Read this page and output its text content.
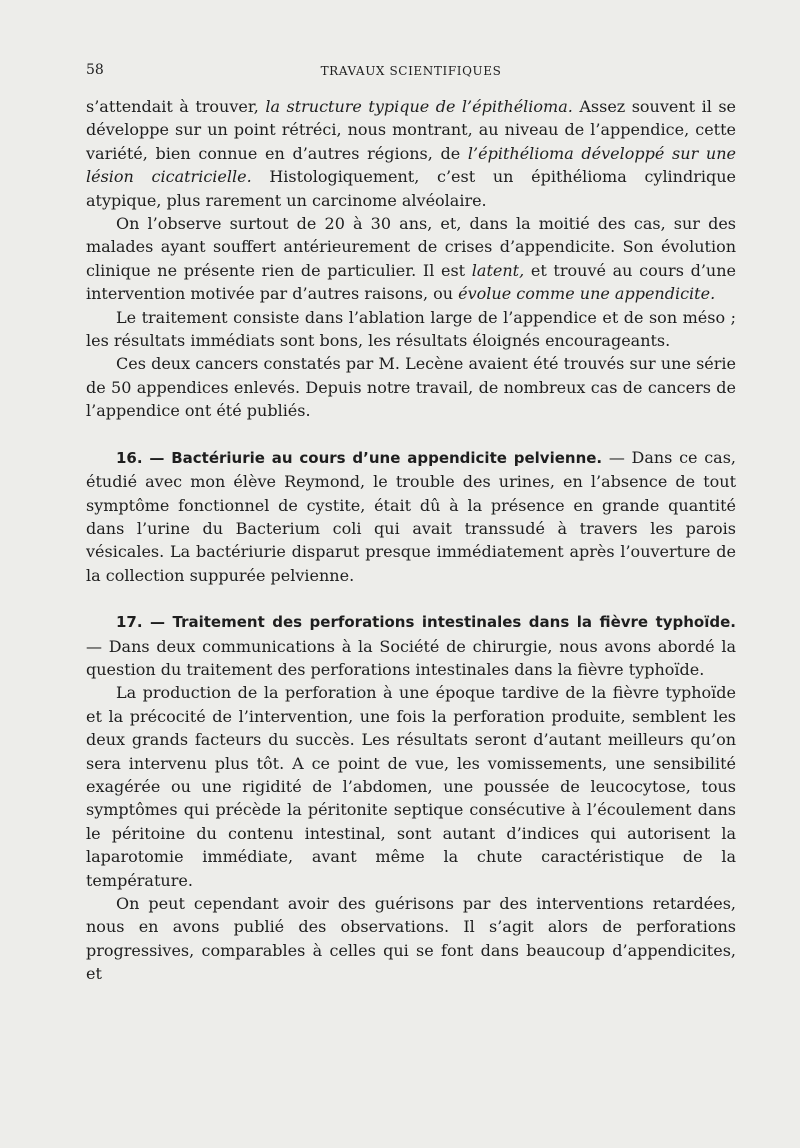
58	TRAVAUX SCIENTIFIQUES

s’attendait à trouver, la structure typique de l’épithélioma. Assez souvent il se développe sur un point rétréci, nous montrant, au niveau de l’appendice, cette variété, bien connue en d’autres régions, de l’épithélioma développé sur une lésion cicatricielle. Histologiquement, c’est un épithélioma cylindrique atypique, plus rarement un carcinome alvéolaire.

On l’observe surtout de 20 à 30 ans, et, dans la moitié des cas, sur des malades ayant souffert antérieurement de crises d’appendicite. Son évolution clinique ne présente rien de particulier. Il est latent, et trouvé au cours d’une intervention motivée par d’autres raisons, ou évolue comme une appendicite.

Le traitement consiste dans l’ablation large de l’appendice et de son méso ; les résultats immédiats sont bons, les résultats éloignés encourageants.

Ces deux cancers constatés par M. Lecène avaient été trouvés sur une série de 50 appendices enlevés. Depuis notre travail, de nombreux cas de cancers de l’appendice ont été publiés.

16. — Bactériurie au cours d’une appendicite pelvienne. — Dans ce cas, étudié avec mon élève Reymond, le trouble des urines, en l’absence de tout symptôme fonctionnel de cystite, était dû à la présence en grande quantité dans l’urine du Bacterium coli qui avait transsudé à travers les parois vésicales. La bactériurie disparut presque immédiatement après l’ouverture de la collection suppurée pelvienne.

17. — Traitement des perforations intestinales dans la fièvre typhoïde. — Dans deux communications à la Société de chirurgie, nous avons abordé la question du traitement des perforations intestinales dans la fièvre typhoïde.

La production de la perforation à une époque tardive de la fièvre typhoïde et la précocité de l’intervention, une fois la perforation produite, semblent les deux grands facteurs du succès. Les résultats seront d’autant meilleurs qu’on sera intervenu plus tôt. A ce point de vue, les vomissements, une sensibilité exagérée ou une rigidité de l’abdomen, une poussée de leucocytose, tous symptômes qui précède la péritonite septique consécutive à l’écoulement dans le péritoine du contenu intestinal, sont autant d’indices qui autorisent la laparotomie immédiate, avant même la chute caractéristique de la température.

On peut cependant avoir des guérisons par des interventions retardées, nous en avons publié des observations. Il s’agit alors de perforations progressives, comparables à celles qui se font dans beaucoup d’appendicites, et
